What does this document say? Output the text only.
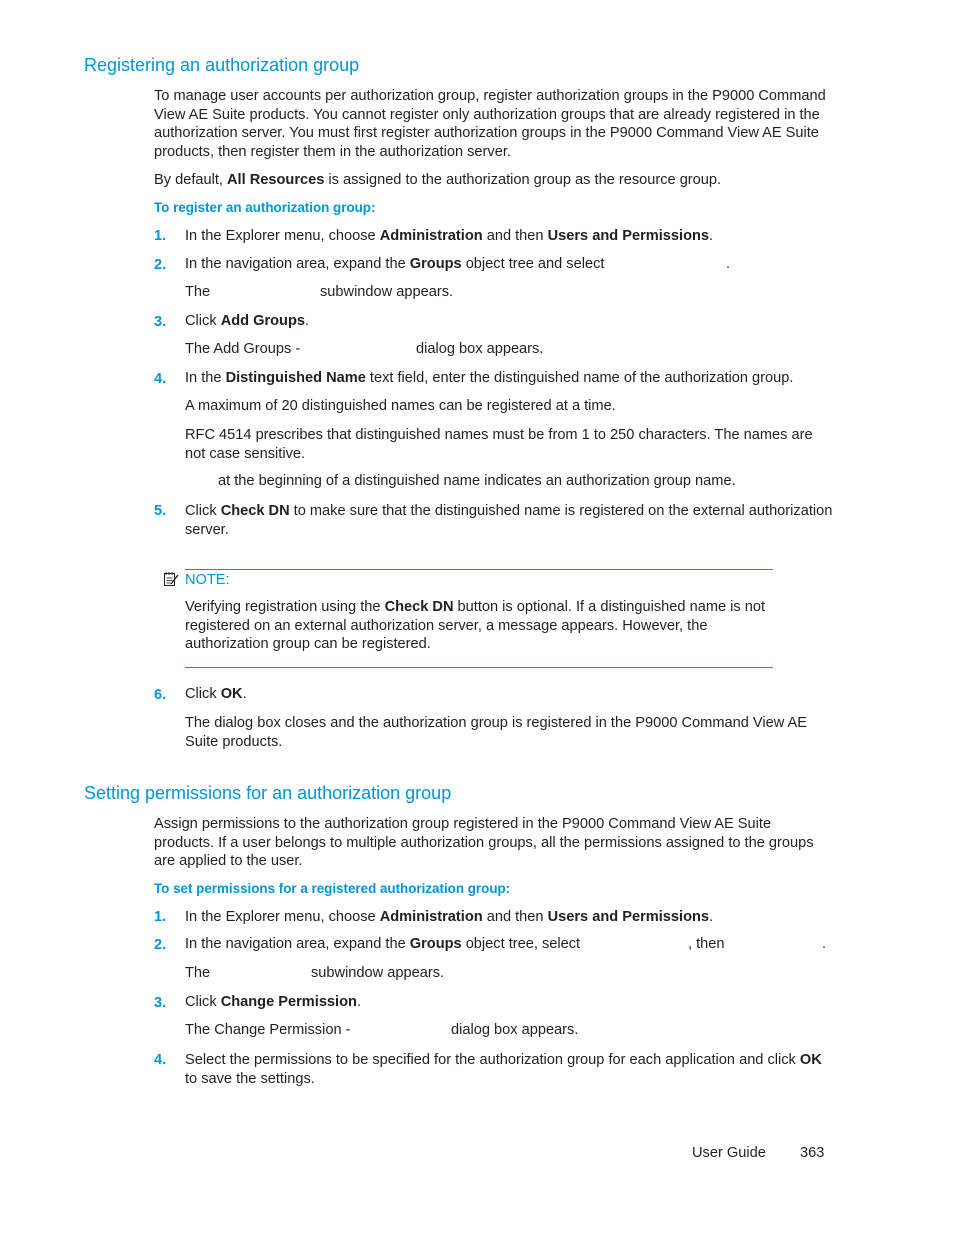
Registering an authorization group
To manage user accounts per authorization group, register authorization groups in the P9000 Command View AE Suite products. You cannot register only authorization groups that are already registered in the authorization server. You must first register authorization groups in the P9000 Command View AE Suite products, then register them in the authorization server.
By default, All Resources is assigned to the authorization group as the resource group.
To register an authorization group:
1. In the Explorer menu, choose Administration and then Users and Permissions.
2. In the navigation area, expand the Groups object tree and select	.
The	subwindow appears.
3. Click Add Groups.
The Add Groups -	dialog box appears.
4. In the Distinguished Name text field, enter the distinguished name of the authorization group.
A maximum of 20 distinguished names can be registered at a time.
RFC 4514 prescribes that distinguished names must be from 1 to 250 characters. The names are not case sensitive.
at the beginning of a distinguished name indicates an authorization group name.
5. Click Check DN to make sure that the distinguished name is registered on the external authorization server.
NOTE:
Verifying registration using the Check DN button is optional. If a distinguished name is not registered on an external authorization server, a message appears. However, the authorization group can be registered.
6. Click OK.
The dialog box closes and the authorization group is registered in the P9000 Command View AE Suite products.
Setting permissions for an authorization group
Assign permissions to the authorization group registered in the P9000 Command View AE Suite products. If a user belongs to multiple authorization groups, all the permissions assigned to the groups are applied to the user.
To set permissions for a registered authorization group:
1. In the Explorer menu, choose Administration and then Users and Permissions.
2. In the navigation area, expand the Groups object tree, select	, then	.
The	subwindow appears.
3. Click Change Permission.
The Change Permission -	dialog box appears.
4. Select the permissions to be specified for the authorization group for each application and click OK to save the settings.
User Guide 363
